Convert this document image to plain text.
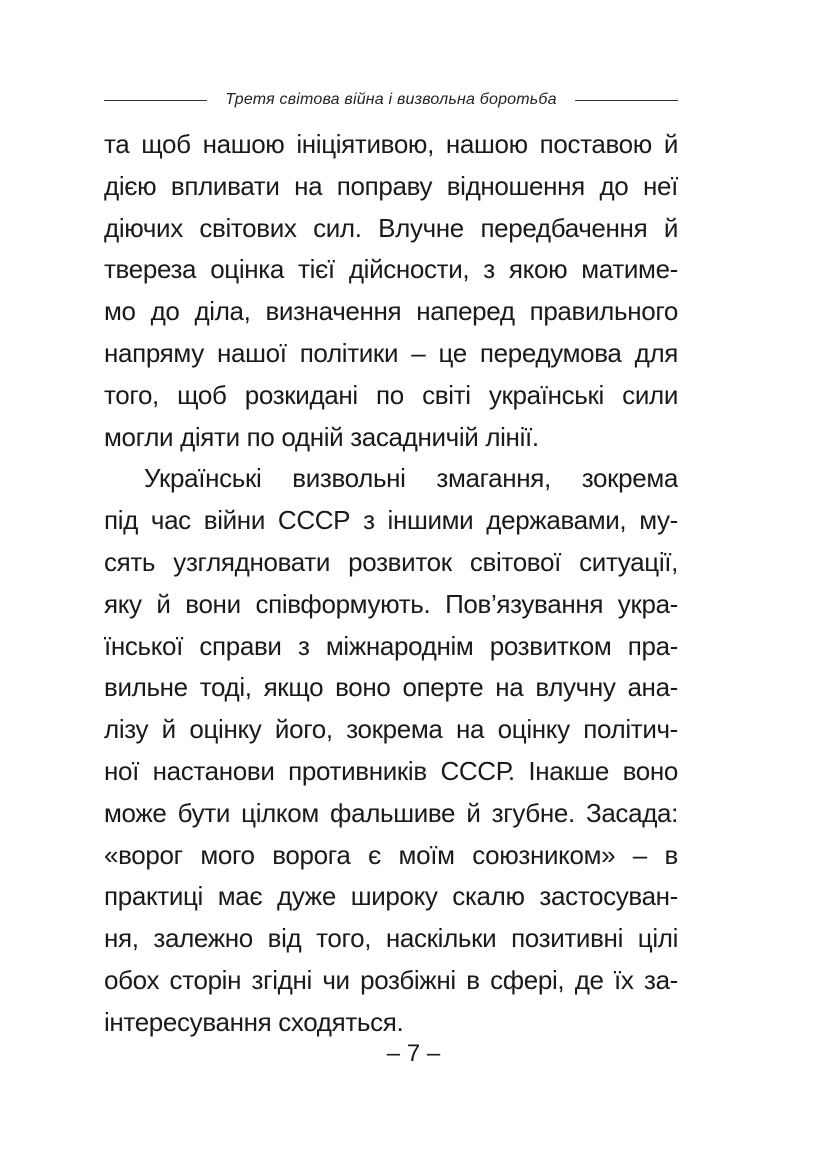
Третя світова війна і визвольна боротьба
та щоб нашою ініціятивою, нашою поставою й
дією впливати на поправу відношення до неї
діючих світових сил. Влучне передбачення й
твереза оцінка тієї дійсности, з якою матиме-
мо до діла, визначення наперед правильного
напряму нашої політики – це передумова для
того, щоб розкидані по світі українські сили
могли діяти по одній засадничій лінії.
Українські визвольні змагання, зокрема
під час війни СССР з іншими державами, му-
сять узглядновати розвиток світової ситуації,
яку й вони співформують. Пов’язування укра-
їнської справи з міжнароднім розвитком пра-
вильне тоді, якщо воно оперте на влучну ана-
лізу й оцінку його, зокрема на оцінку політич-
ної настанови противників СССР. Інакше воно
може бути цілком фальшиве й згубне. Засада:
«ворог мого ворога є моїм союзником» – в
практиці має дуже широку скалю застосуван-
ня, залежно від того, наскільки позитивні цілі
обох сторін згідні чи розбіжні в сфері, де їх за-
інтересування сходяться.
– 7 –
